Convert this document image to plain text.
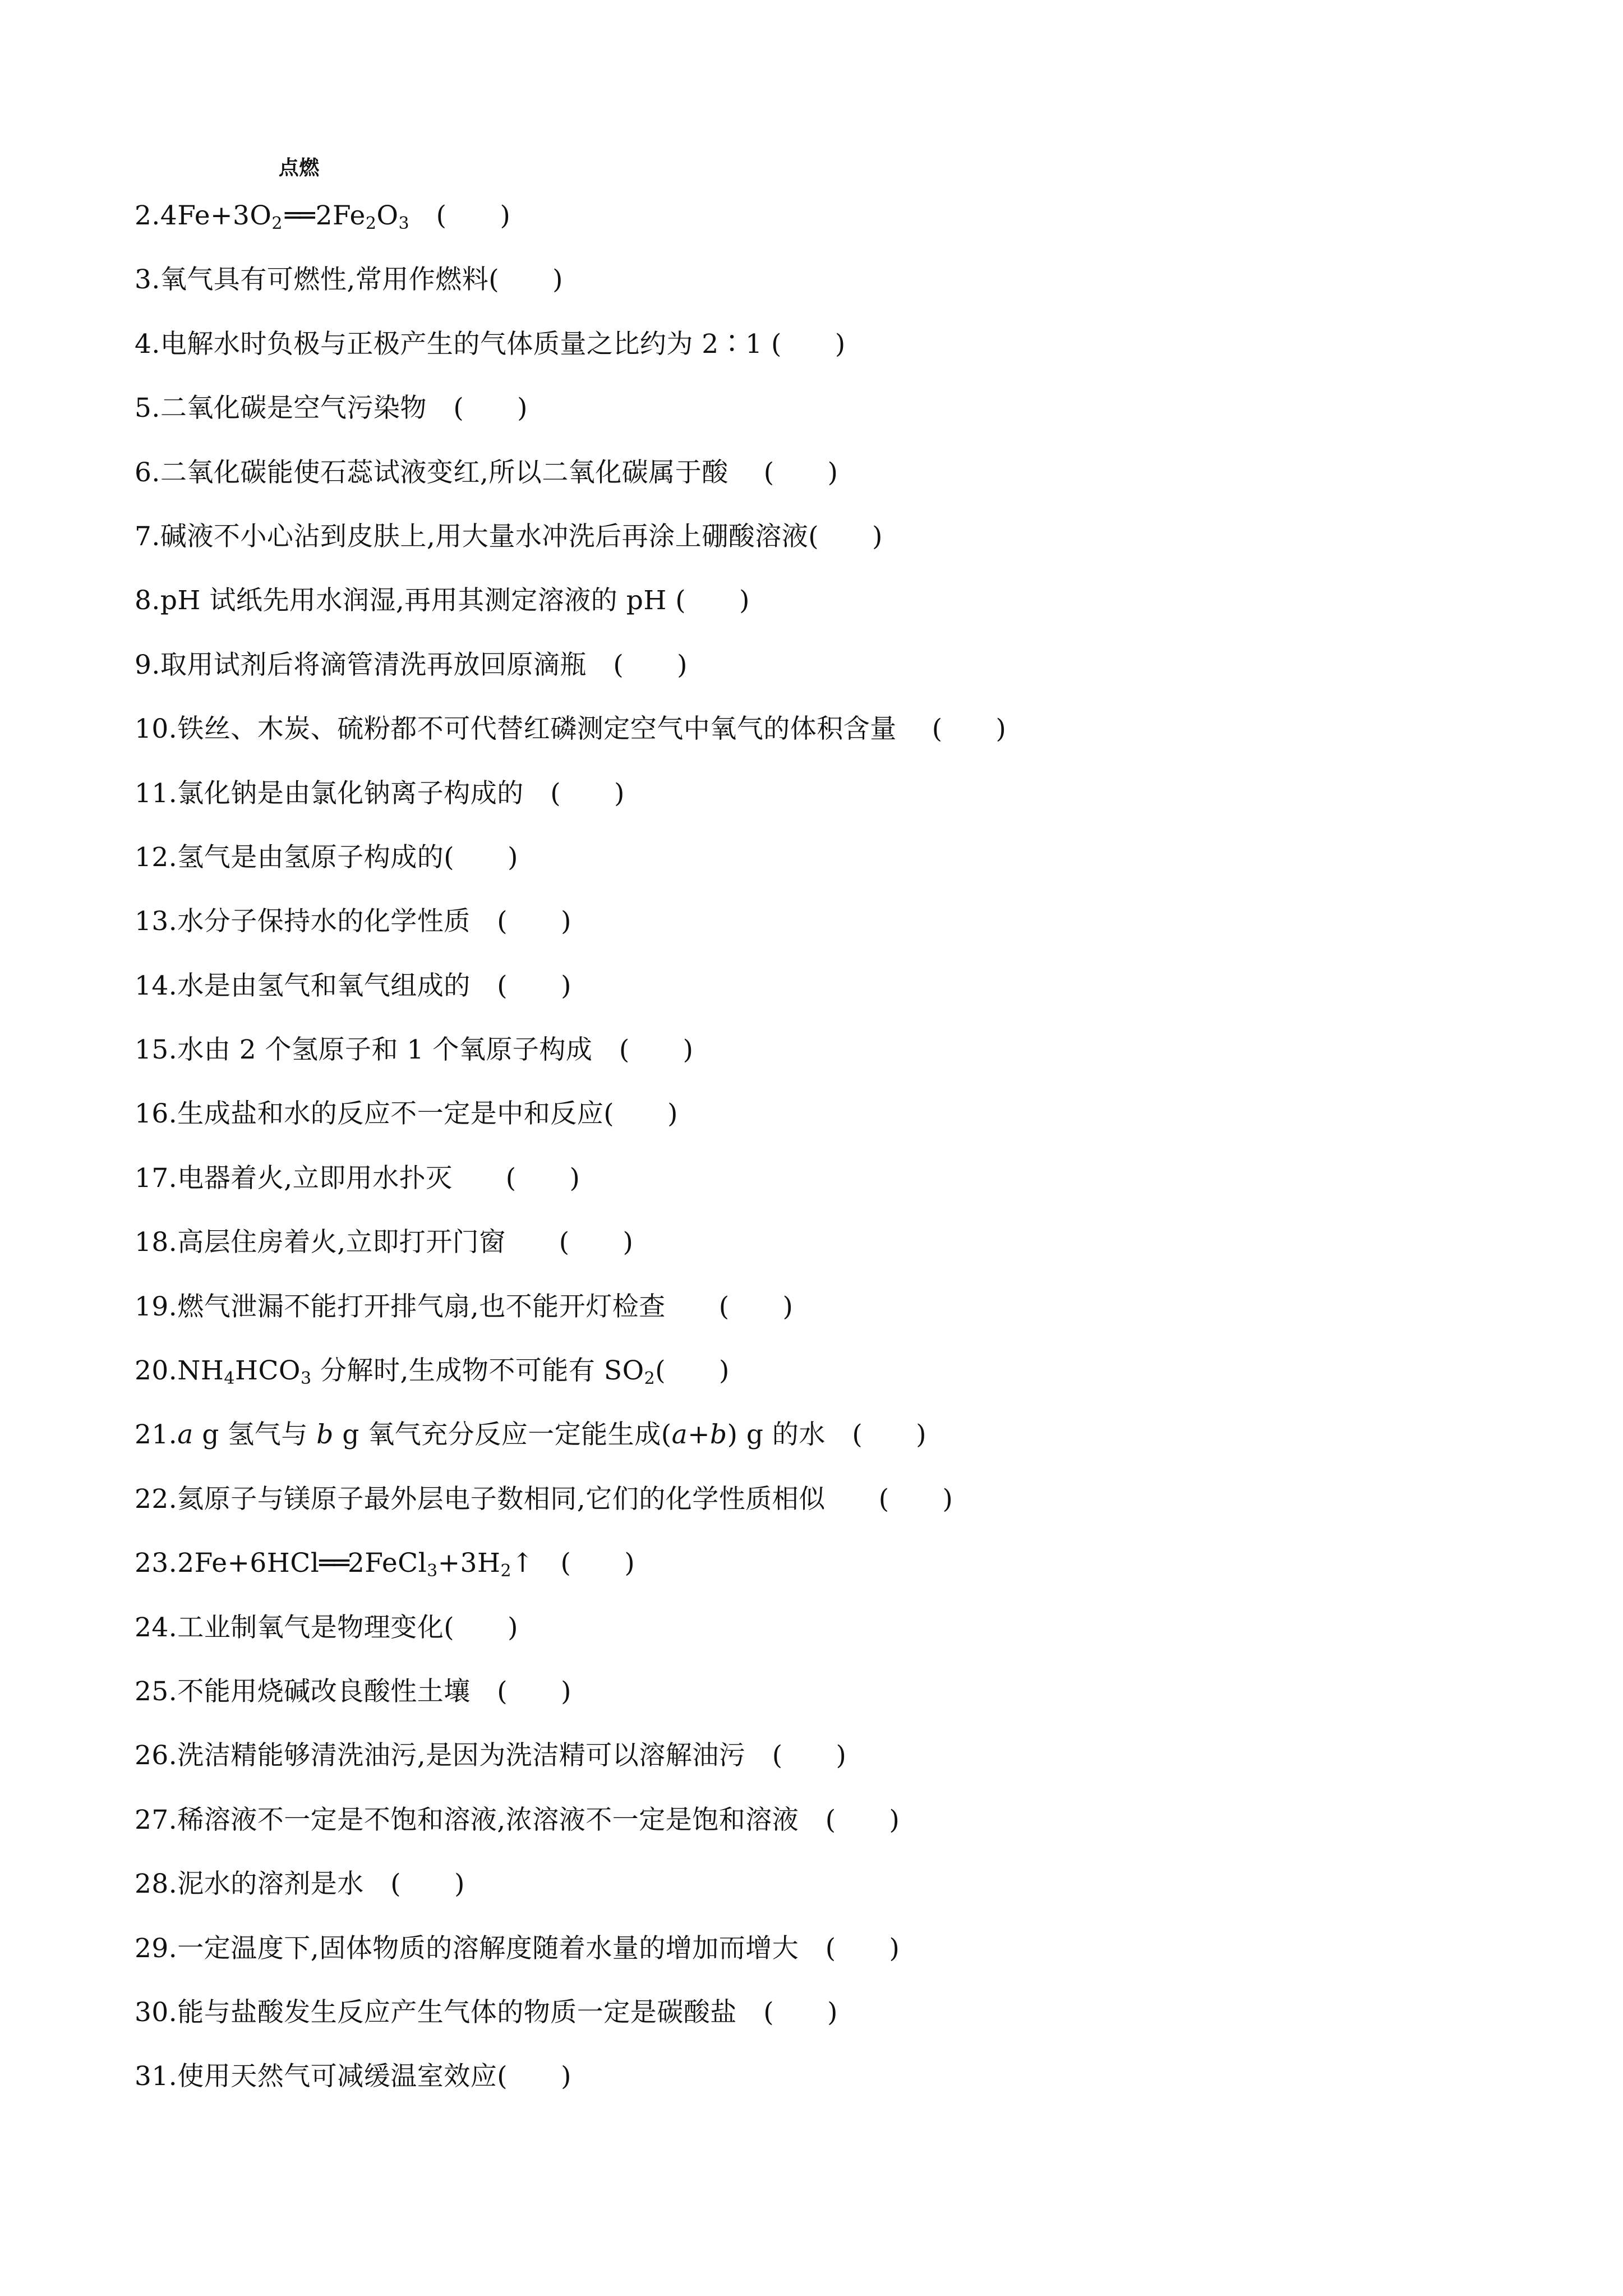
$2.4Fe+3O_2$
点燃
$══2Fe_2O_3$　(　　)
3.氧气具有可燃性,常用作燃料(　　)
4.电解水时负极与正极产生的气体质量之比约为 2∶1 (　　)
5.二氧化碳是空气污染物　(　　)
6.二氧化碳能使石蕊试液变红,所以二氧化碳属于酸　 (　　)
7.碱液不小心沾到皮肤上,用大量水冲洗后再涂上硼酸溶液(　　)
8.pH 试纸先用水润湿,再用其测定溶液的 pH (　　)
9.取用试剂后将滴管清洗再放回原滴瓶　(　　)
10.铁丝、木炭、硫粉都不可代替红磷测定空气中氧气的体积含量　 (　　)
11.氯化钠是由氯化钠离子构成的　(　　)
12.氢气是由氢原子构成的(　　)
13.水分子保持水的化学性质　(　　)
14.水是由氢气和氧气组成的　(　　)
15.水由 2 个氢原子和 1 个氧原子构成　(　　)
16.生成盐和水的反应不一定是中和反应(　　)
17.电器着火,立即用水扑灭　　(　　)
18.高层住房着火,立即打开门窗　　(　　)
19.燃气泄漏不能打开排气扇,也不能开灯检查　　(　　)
$20.NH_4HCO_3$ 分解时,生成物不可能有 $SO_2$(　　)
21.a g 氢气与 b g 氧气充分反应一定能生成(a+b) g 的水　(　　)
22.氦原子与镁原子最外层电子数相同,它们的化学性质相似　　(　　)
$23.2Fe+6HCl══2FeCl_3+3H_2↑$　(　　)
24.工业制氧气是物理变化(　　)
25.不能用烧碱改良酸性土壤　(　　)
26.洗洁精能够清洗油污,是因为洗洁精可以溶解油污　(　　)
27.稀溶液不一定是不饱和溶液,浓溶液不一定是饱和溶液　(　　)
28.泥水的溶剂是水　(　　)
29.一定温度下,固体物质的溶解度随着水量的增加而增大　(　　)
30.能与盐酸发生反应产生气体的物质一定是碳酸盐　(　　)
31.使用天然气可减缓温室效应(　　)
